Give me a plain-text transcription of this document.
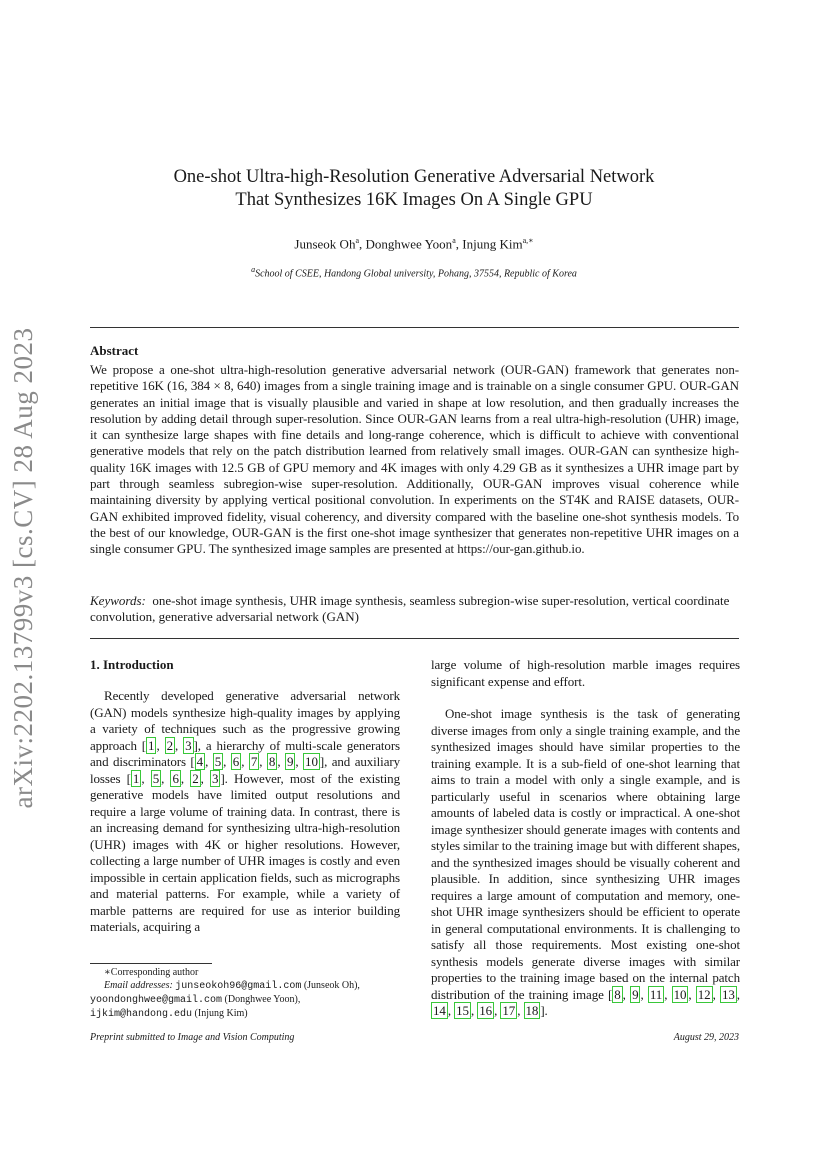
arXiv:2202.13799v3 [cs.CV] 28 Aug 2023
One-shot Ultra-high-Resolution Generative Adversarial Network
That Synthesizes 16K Images On A Single GPU
Junseok Oh$^a$, Donghwee Yoon$^a$, Injung Kim$^{a,∗}$
$^a$School of CSEE, Handong Global university, Pohang, 37554, Republic of Korea
Abstract
We propose a one-shot ultra-high-resolution generative adversarial network (OUR-GAN) framework that generates non-repetitive 16K (16, 384 × 8, 640) images from a single training image and is trainable on a single consumer GPU. OUR-GAN generates an initial image that is visually plausible and varied in shape at low resolution, and then gradually increases the resolution by adding detail through super-resolution. Since OUR-GAN learns from a real ultra-high-resolution (UHR) image, it can synthesize large shapes with fine details and long-range coherence, which is difficult to achieve with conventional generative models that rely on the patch distribution learned from relatively small images. OUR-GAN can synthesize high-quality 16K images with 12.5 GB of GPU memory and 4K images with only 4.29 GB as it synthesizes a UHR image part by part through seamless subregion-wise super-resolution. Additionally, OUR-GAN improves visual coherence while maintaining diversity by applying vertical positional convolution. In experiments on the ST4K and RAISE datasets, OUR-GAN exhibited improved fidelity, visual coherency, and diversity compared with the baseline one-shot synthesis models. To the best of our knowledge, OUR-GAN is the first one-shot image synthesizer that generates non-repetitive UHR images on a single consumer GPU. The synthesized image samples are presented at https://our-gan.github.io.
Keywords: one-shot image synthesis, UHR image synthesis, seamless subregion-wise super-resolution, vertical coordinate convolution, generative adversarial network (GAN)
1. Introduction
Recently developed generative adversarial network (GAN) models synthesize high-quality images by applying a variety of techniques such as the progressive growing approach [ 1 , 2 , 3 ], a hierarchy of multi-scale generators and discriminators [ 4 , 5 , 6 , 7 , 8 , 9 , 10 ], and auxiliary losses [ 1 , 5 , 6 , 2 , 3 ]. However, most of the existing generative models have limited output resolutions and require a large volume of training data. In contrast, there is an increasing demand for synthesizing ultra-high-resolution (UHR) images with 4K or higher resolutions. However, collecting a large number of UHR images is costly and even impossible in certain application fields, such as micrographs and material patterns. For example, while a variety of marble patterns are required for use as interior building materials, acquiring a
large volume of high-resolution marble images requires significant expense and effort.
One-shot image synthesis is the task of generating diverse images from only a single training example, and the synthesized images should have similar properties to the training example. It is a sub-field of one-shot learning that aims to train a model with only a single example, and is particularly useful in scenarios where obtaining large amounts of labeled data is costly or impractical. A one-shot image synthesizer should generate images with contents and styles similar to the training image but with different shapes, and the synthesized images should be visually coherent and plausible. In addition, since synthesizing UHR images requires a large amount of computation and memory, one-shot UHR image synthesizers should be efficient to operate in general computational environments. It is challenging to satisfy all those requirements. Most existing one-shot synthesis models generate diverse images with similar properties to the training image based on the internal patch distribution of the training image [ 8 , 9 , 11 , 10 , 12 , 13 , 14 , 15 , 16 , 17 , 18 ].
∗Corresponding author
Email addresses: junseokoh96@gmail.com (Junseok Oh),
yoondonghwee@gmail.com (Donghwee Yoon),
ijkim@handong.edu (Injung Kim)
Preprint submitted to Image and Vision Computing	August 29, 2023
